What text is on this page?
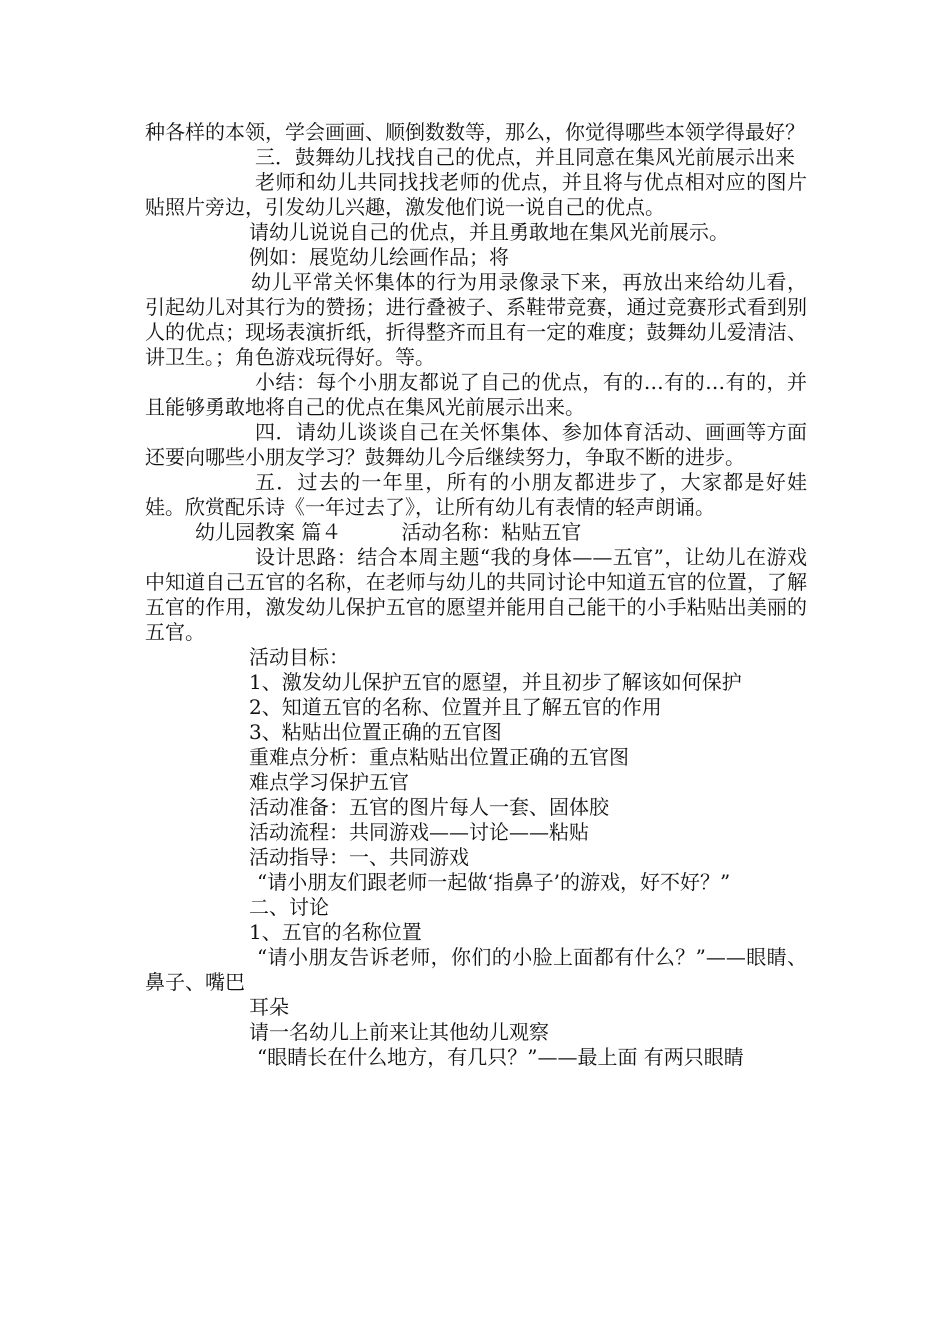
种各样的本领，学会画画、顺倒数数等，那么，你觉得哪些本领学得最好？

三．鼓舞幼儿找找自己的优点，并且同意在集风光前展示出来

老师和幼儿共同找找老师的优点，并且将与优点相对应的图片贴照片旁边，引发幼儿兴趣，激发他们说一说自己的优点。

请幼儿说说自己的优点，并且勇敢地在集风光前展示。

例如：展览幼儿绘画作品；将

幼儿平常关怀集体的行为用录像录下来，再放出来给幼儿看，引起幼儿对其行为的赞扬；进行叠被子、系鞋带竞赛，通过竞赛形式看到别人的优点；现场表演折纸，折得整齐而且有一定的难度；鼓舞幼儿爱清洁、讲卫生。；角色游戏玩得好。等。

小结：每个小朋友都说了自己的优点，有的…有的…有的，并且能够勇敢地将自己的优点在集风光前展示出来。

四．请幼儿谈谈自己在关怀集体、参加体育活动、画画等方面还要向哪些小朋友学习？鼓舞幼儿今后继续努力，争取不断的进步。

五．过去的一年里，所有的小朋友都进步了，大家都是好娃娃。欣赏配乐诗《一年过去了》，让所有幼儿有表情的轻声朗诵。

幼儿园教案 篇４　　　活动名称：粘贴五官

设计思路：结合本周主题“我的身体——五官”，让幼儿在游戏中知道自己五官的名称，在老师与幼儿的共同讨论中知道五官的位置，了解五官的作用，激发幼儿保护五官的愿望并能用自己能干的小手粘贴出美丽的五官。

活动目标：

1、激发幼儿保护五官的愿望，并且初步了解该如何保护

2、知道五官的名称、位置并且了解五官的作用

3、粘贴出位置正确的五官图

重难点分析：重点粘贴出位置正确的五官图

难点学习保护五官

活动准备：五官的图片每人一套、固体胶

活动流程：共同游戏——讨论——粘贴

活动指导：一、共同游戏

“请小朋友们跟老师一起做‘指鼻子’的游戏，好不好？”

二、讨论

1、五官的名称位置

“请小朋友告诉老师，你们的小脸上面都有什么？”——眼睛、鼻子、嘴巴

耳朵

请一名幼儿上前来让其他幼儿观察

“眼睛长在什么地方，有几只？”——最上面 有两只眼睛
